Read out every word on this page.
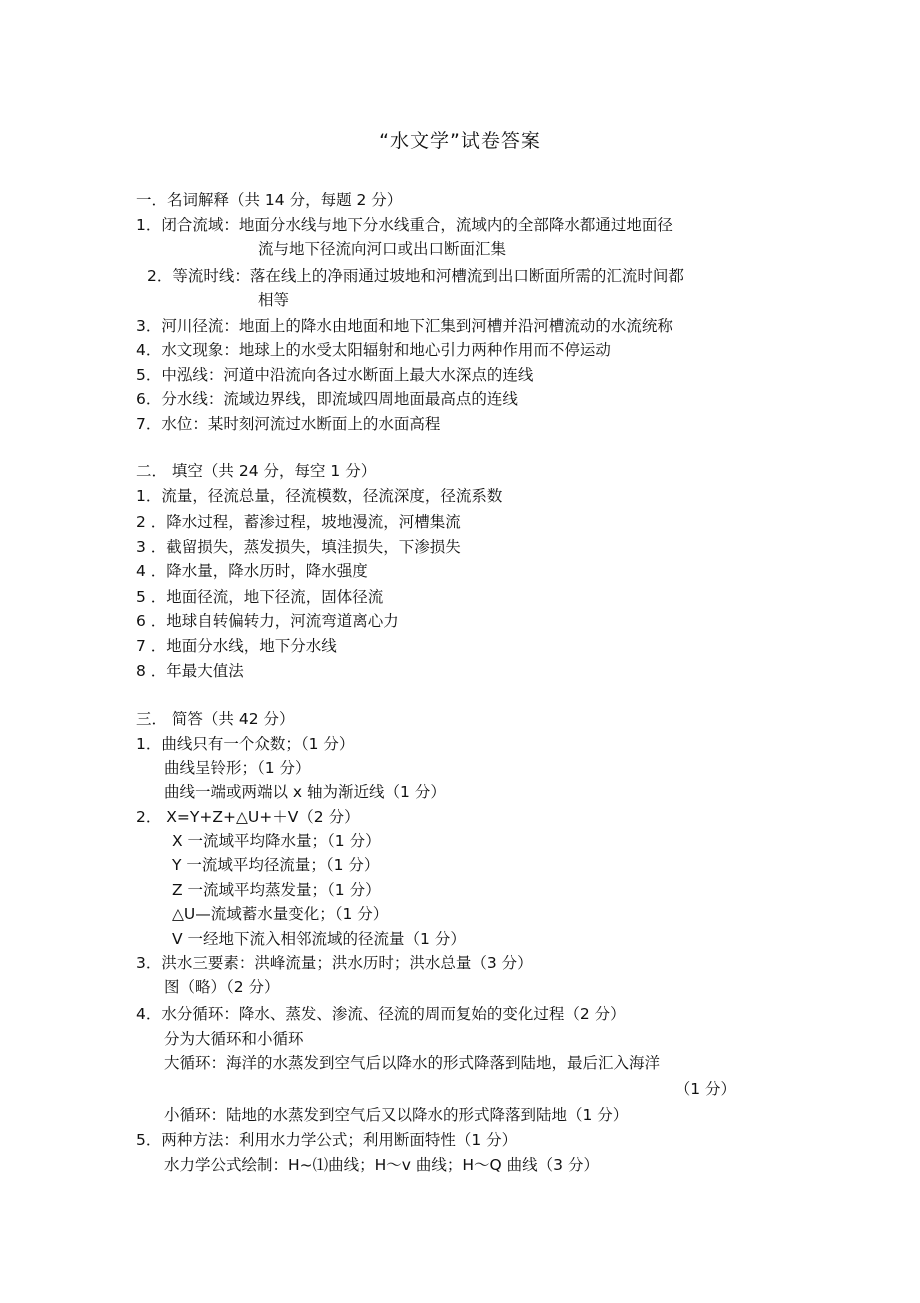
“水文学”试卷答案
一．名词解释（共 14 分，每题 2 分）
1．闭合流域：地面分水线与地下分水线重合，流域内的全部降水都通过地面径
流与地下径流向河口或出口断面汇集
2．等流时线：落在线上的净雨通过坡地和河槽流到出口断面所需的汇流时间都
相等
3．河川径流：地面上的降水由地面和地下汇集到河槽并沿河槽流动的水流统称
4．水文现象：地球上的水受太阳辐射和地心引力两种作用而不停运动
5．中泓线：河道中沿流向各过水断面上最大水深点的连线
6．分水线：流域边界线，即流域四周地面最高点的连线
7．水位：某时刻河流过水断面上的水面高程
二． 填空（共 24 分，每空 1 分）
1．流量，径流总量，径流模数，径流深度，径流系数
2 ．降水过程，蓄渗过程，坡地漫流，河槽集流
3 ．截留损失，蒸发损失，填洼损失，下渗损失
4 ．降水量，降水历时，降水强度
5 ．地面径流，地下径流，固体径流
6 ．地球自转偏转力，河流弯道离心力
7 ．地面分水线，地下分水线
8 ．年最大值法
三． 简答（共 42 分）
1．曲线只有一个众数；（1 分）
曲线呈铃形；（1 分）
曲线一端或两端以 x 轴为渐近线（1 分）
2． X=Y+Z+△U+＋V（2 分）
X 一流域平均降水量；（1 分）
Y 一流域平均径流量；（1 分）
Z 一流域平均蒸发量；（1 分）
△U—流域蓄水量变化；（1 分）
V 一经地下流入相邻流域的径流量（1 分）
3．洪水三要素：洪峰流量；洪水历时；洪水总量（3 分）
图（略）（2 分）
4．水分循环：降水、蒸发、渗流、径流的周而复始的变化过程（2 分）
分为大循环和小循环
大循环：海洋的水蒸发到空气后以降水的形式降落到陆地，最后汇入海洋
（1 分）
小循环：陆地的水蒸发到空气后又以降水的形式降落到陆地（1 分）
5．两种方法：利用水力学公式；利用断面特性（1 分）
水力学公式绘制：H~⑴曲线；H～v 曲线；H～Q 曲线（3 分）
